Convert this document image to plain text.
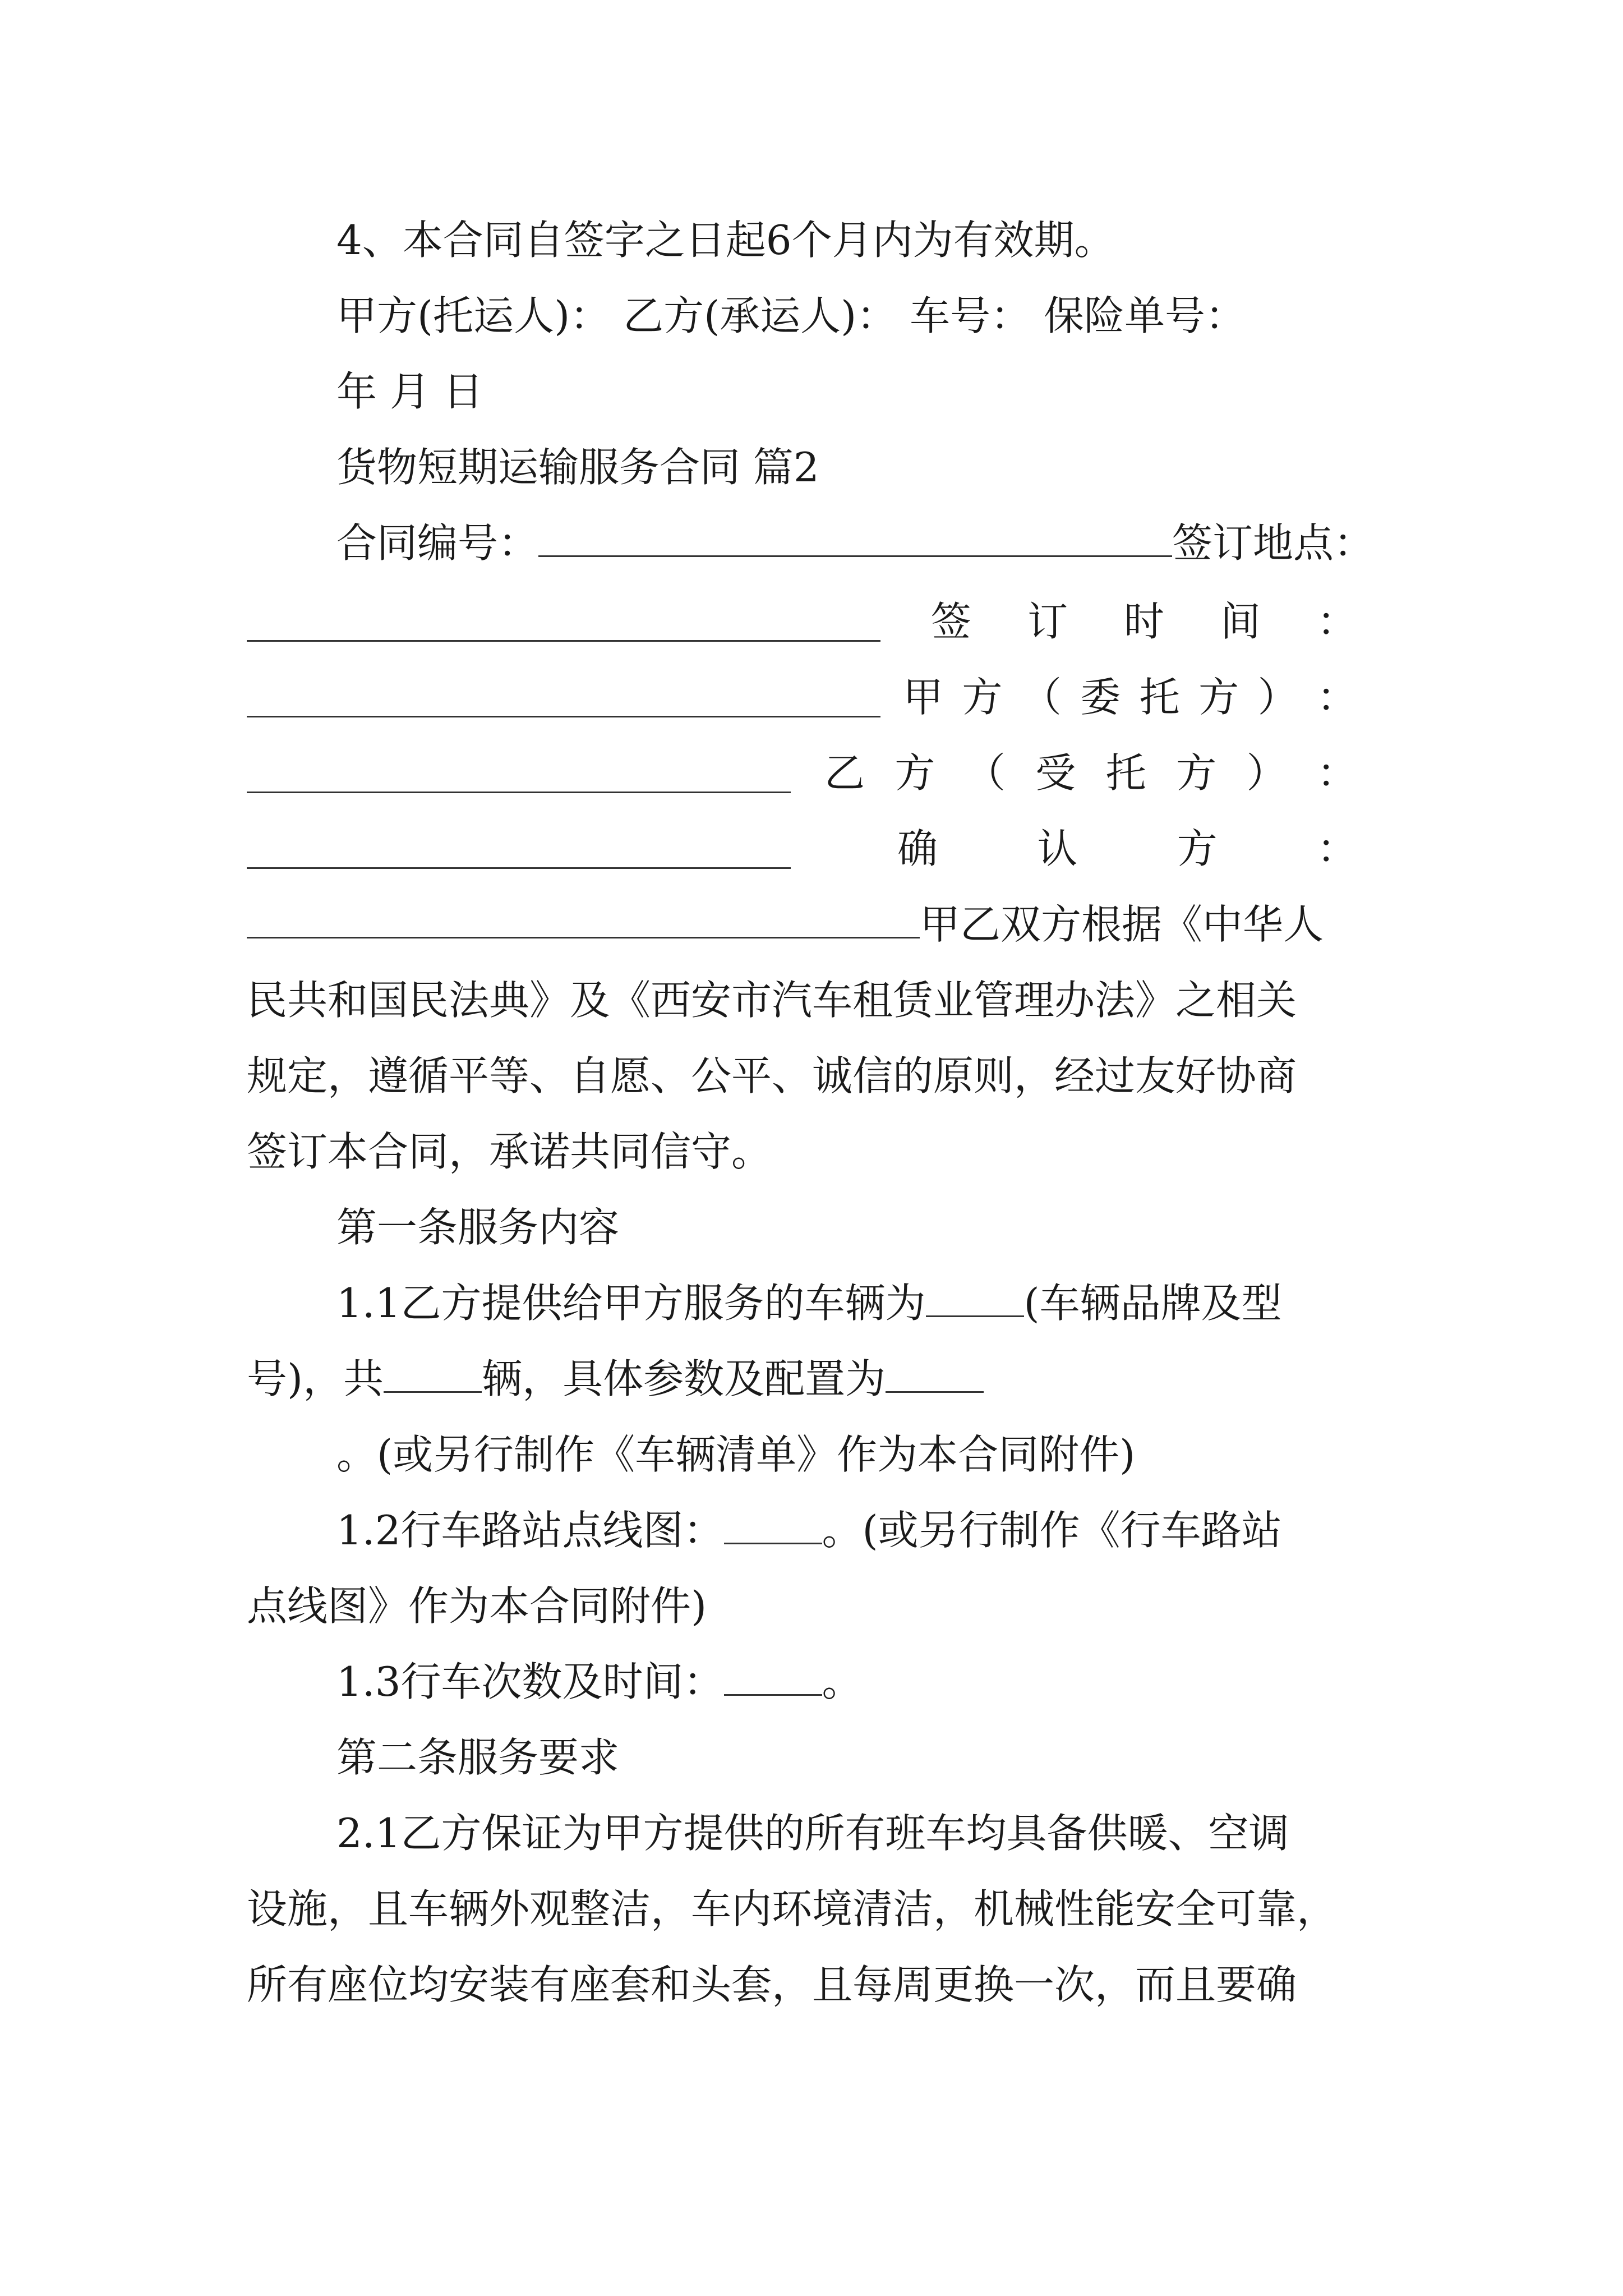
4、本合同自签字之日起6个月内为有效期。
甲方(托运人)： 乙方(承运人)： 车号： 保险单号：
年 月 日
货物短期运输服务合同 篇2
合同编号：	签订地点：
签 订 时 间 ：
甲 方 （ 委 托 方 ） ：
乙 方 （ 受 托 方 ） ：
确 认 方 ：
甲乙双方根据《中华人
民共和国民法典》及《西安市汽车租赁业管理办法》之相关
规定，遵循平等、自愿、公平、诚信的原则，经过友好协商
签订本合同，承诺共同信守。
第一条服务内容
1.1乙方提供给甲方服务的车辆为 (车辆品牌及型
号)，共 辆，具体参数及配置为
。(或另行制作《车辆清单》作为本合同附件)
1.2行车路站点线图： 。(或另行制作《行车路站
点线图》作为本合同附件)
1.3行车次数及时间： 。
第二条服务要求
2.1乙方保证为甲方提供的所有班车均具备供暖、空调
设施，且车辆外观整洁，车内环境清洁，机械性能安全可靠，
所有座位均安装有座套和头套，且每周更换一次，而且要确
